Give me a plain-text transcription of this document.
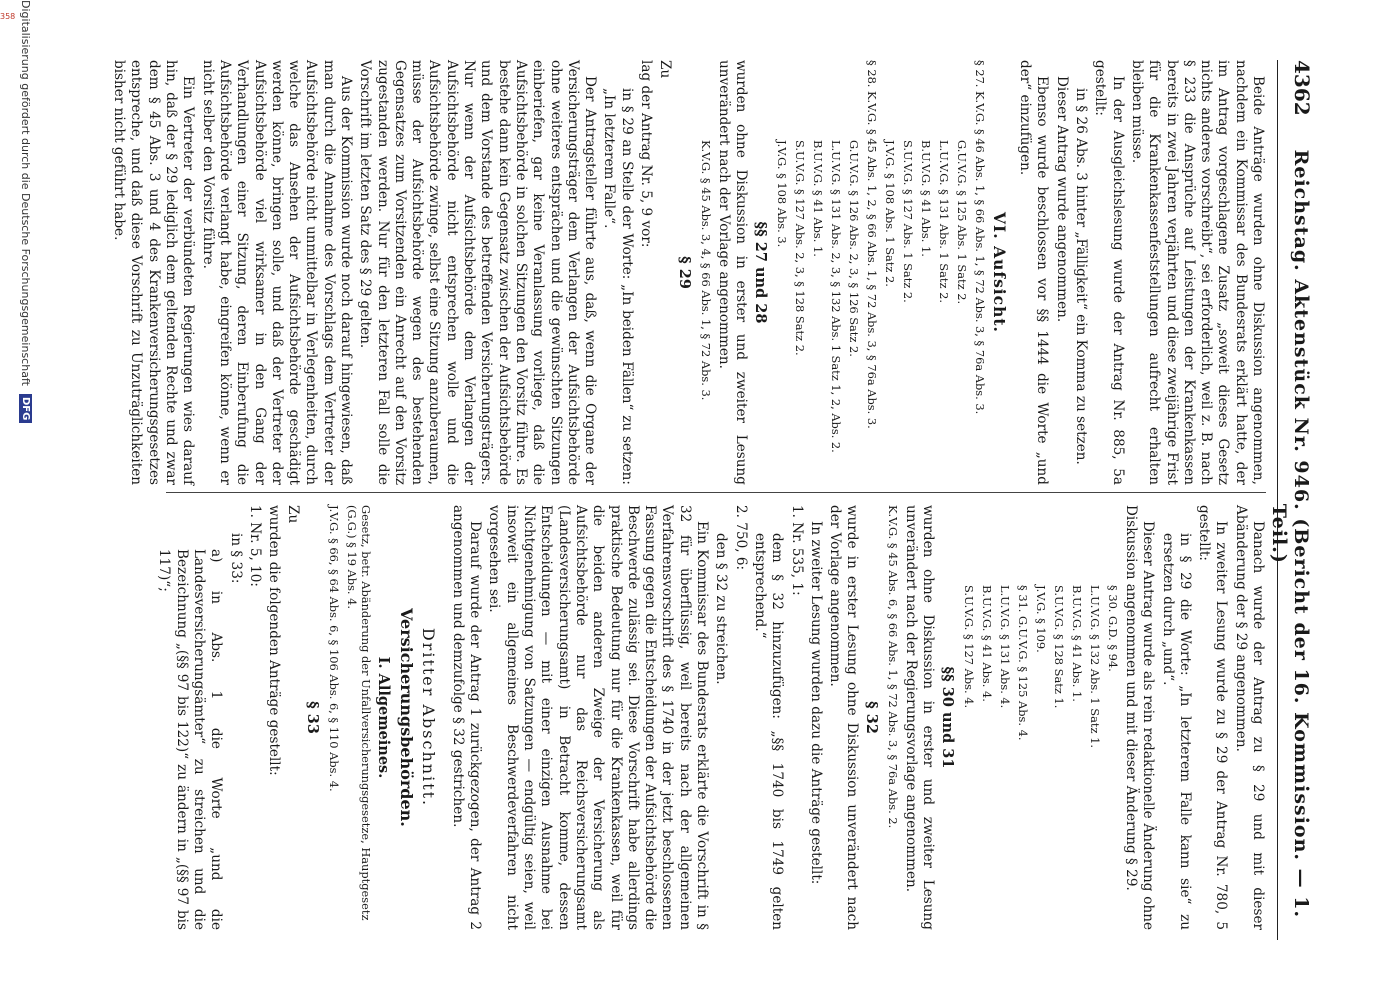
4362
Reichstag. Aktenstück Nr. 946. (Bericht der 16. Kommission. — 1. Teil.)

Beide Anträge wurden ohne Diskussion angenommen, nachdem ein Kommissar des Bundesrats erklärt hatte, der im Antrag vorgeschlagene Zusatz „soweit dieses Gesetz nichts anderes vorschreibt“, sei erforderlich, weil z. B. nach § 233 die Ansprüche auf Leistungen der Krankenkassen bereits in zwei Jahren verjährten und diese zweijährige Frist für die Krankenkassenfeststellungen aufrecht erhalten bleiben müsse.

In der Ausgleichslesung wurde der Antrag Nr. 885, 5a gestellt:

in § 26 Abs. 3 hinter „Fälligkeit“ ein Komma zu setzen.

Dieser Antrag wurde angenommen.

Ebenso wurde beschlossen vor §§ 1444 die Worte „und der“ einzufügen.

VI. Aufsicht.
§ 27. K.V.G. § 46 Abs. 1, § 66 Abs. 1, § 72 Abs. 3, § 76a Abs. 3.
G.U.V.G. § 125 Abs. 1 Satz 2.
L.U.V.G. § 131 Abs. 1 Satz 2.
B.U.V.G. § 41 Abs. 1.
S.U.V.G. § 127 Abs. 1 Satz 2.
J.V.G. § 108 Abs. 1 Satz 2.
§ 28. K.V.G. § 45 Abs. 1, 2, § 66 Abs. 1, § 72 Abs. 3, § 76a Abs. 3.
G.U.V.G. § 126 Abs. 2, 3, § 126 Satz 2.
L.U.V.G. § 131 Abs. 2, 3, § 132 Abs. 1 Satz 1, 2, Abs. 2.
B.U.V.G. § 41 Abs. 1.
S.U.V.G. § 127 Abs. 2, 3, § 128 Satz 2.
J.V.G. § 108 Abs. 3.
§§ 27 und 28

wurden ohne Diskussion in erster und zweiter Lesung unverändert nach der Vorlage angenommen.

K.V.G. § 45 Abs. 3, 4, § 66 Abs. 1, § 72 Abs. 3.
§ 29

Zu

lag der Antrag Nr. 5, 9 vor:

in § 29 an Stelle der Worte: „In beiden Fällen“ zu setzen: „In letzterem Falle“.

Der Antragsteller führte aus, daß, wenn die Organe der Versicherungsträger dem Verlangen der Aufsichtsbehörde ohne weiteres entsprächen und die gewünschten Sitzungen einberiefen, gar keine Veranlassung vorliege, daß die Aufsichtsbehörde in solchen Sitzungen den Vorsitz führe. Es bestehe dann kein Gegensatz zwischen der Aufsichtsbehörde und dem Vorstande des betreffenden Versicherungsträgers. Nur wenn der Aufsichtsbehörde dem Verlangen der Aufsichtsbehörde nicht entsprechen wolle und die Aufsichtsbehörde zwinge, selbst eine Sitzung anzuberaumen, müsse der Aufsichtsbehörde wegen des bestehenden Gegensatzes zum Vorsitzenden ein Anrecht auf den Vorsitz zugestanden werden. Nur für den letzteren Fall solle die Vorschrift im letzten Satz des § 29 gelten.

Aus der Kommission wurde noch darauf hingewiesen, daß man durch die Annahme des Vorschlags dem Vertreter der Aufsichtsbehörde nicht unmittelbar in Verlegenheiten, durch welche das Ansehen der Aufsichtsbehörde geschädigt werden könne, bringen solle, und daß der Vertreter der Aufsichtsbehörde viel wirksamer in den Gang der Verhandlungen einer Sitzung, deren Einberufung die Aufsichtsbehörde verlangt habe, eingreifen könne, wenn er nicht selber den Vorsitz führe.

Ein Vertreter der verbündeten Regierungen wies darauf hin, daß der § 29 lediglich dem geltenden Rechte und zwar dem § 45 Abs. 3 und 4 des Krankenversicherungsgesetzes entspreche, und daß diese Vorschrift zu Unzuträglichkeiten bisher nicht geführt habe.

Danach wurde der Antrag zu § 29 und mit dieser Abänderung der § 29 angenommen.

In zweiter Lesung wurde zu § 29 der Antrag Nr. 780, 5 gestellt:

in § 29 die Worte: „In letzterem Falle kann sie“ zu ersetzen durch „und“.

Dieser Antrag wurde als rein redaktionelle Änderung ohne Diskussion angenommen und mit dieser Änderung § 29.

§ 30. G.D. § 94.
L.U.V.G. § 132 Abs. 1 Satz 1.
B.U.V.G. § 41 Abs. 1.
S.U.V.G. § 128 Satz 1.
J.V.G. § 109.
§ 31. G.U.V.G. § 125 Abs. 4.
L.U.V.G. § 131 Abs. 4.
B.U.V.G. § 41 Abs. 4.
S.U.V.G. § 127 Abs. 4.
§§ 30 und 31

wurden ohne Diskussion in erster und zweiter Lesung unverändert nach der Regierungsvorlage angenommen.

K.V.G. § 45 Abs. 6, § 66 Abs. 1, § 72 Abs. 3, § 76a Abs. 2.
§ 32

wurde in erster Lesung ohne Diskussion unverändert nach der Vorlage angenommen.

In zweiter Lesung wurden dazu die Anträge gestellt:

1. Nr. 535, 1:

dem § 32 hinzuzufügen: „§§ 1740 bis 1749 gelten entsprechend.“

2. 750, 6:

den § 32 zu streichen.

Ein Kommissar des Bundesrats erklärte die Vorschrift in § 32 für überflüssig, weil bereits nach der allgemeinen Verfahrensvorschrift des § 1740 in der jetzt beschlossenen Fassung gegen die Entscheidungen der Aufsichtsbehörde die Beschwerde zulässig sei. Diese Vorschrift habe allerdings praktische Bedeutung nur für die Krankenkassen, weil für die beiden anderen Zweige der Versicherung als Aufsichtsbehörde nur das Reichsversicherungsamt (Landesversicherungsamt) in Betracht komme, dessen Entscheidungen — mit einer einzigen Ausnahme bei Nichtgenehmigung von Satzungen — endgültig seien, weil insoweit ein allgemeines Beschwerdeverfahren nicht vorgesehen sei.

Darauf wurde der Antrag 1 zurückgezogen, der Antrag 2 angenommen und demzufolge § 32 gestrichen.

Dritter Abschnitt.
Versicherungsbehörden.
I. Allgemeines.
Gesetz, betr. Abänderung der Unfallversicherungsgesetze, Hauptgesetz (G.G.) § 19 Abs. 4.
J.V.G. § 66, § 64 Abs. 6, § 106 Abs. 6, § 110 Abs. 4.
§ 33

Zu

wurden die folgenden Anträge gestellt:

1. Nr. 5, 10:

in § 33:

a) in Abs. 1 die Worte „und die Landesversicherungsämter“ zu streichen und die Bezeichnung „(§§ 97 bis 122)“ zu ändern in „(§§ 97 bis 117)“;

Digitalisierung gefördert durch die Deutsche Forschungsgemeinschaft
DFG
358
